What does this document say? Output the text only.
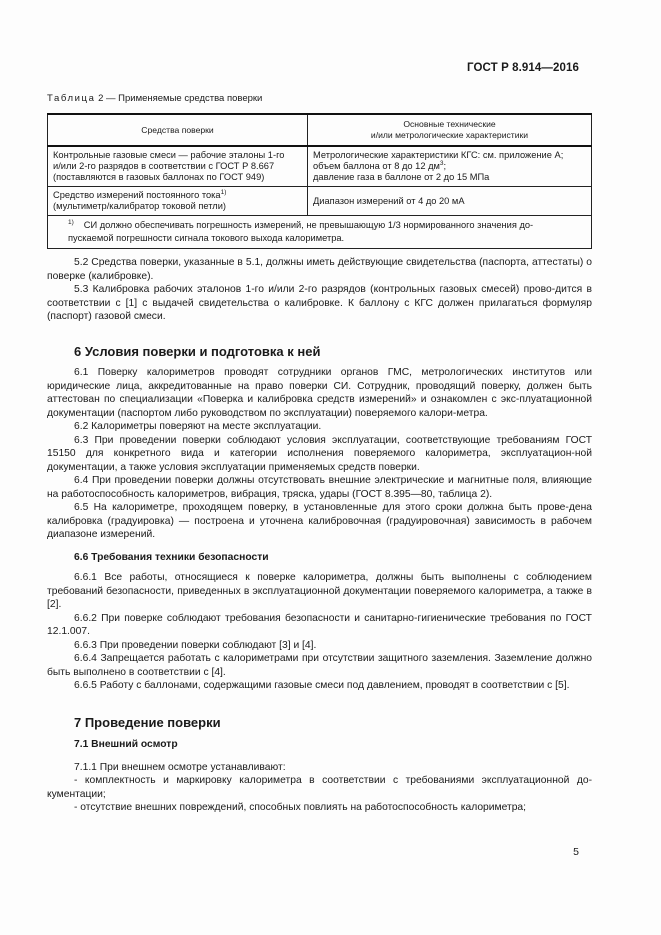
ГОСТ Р 8.914—2016
Таблица 2 — Применяемые средства поверки
Средства поверки	Основные технические
и/или метрологические характеристики
Контрольные газовые смеси — рабочие эталоны 1-го
и/или 2-го разрядов в соответствии с ГОСТ Р 8.667
(поставляются в газовых баллонах по ГОСТ 949)	Метрологические характеристики КГС: см. приложение А;
объем баллона от 8 до 12 $дм^3$;
давление газа в баллоне от 2 до 15 МПа
Средство измерений постоянного тока$^{1)}$
(мультиметр/калибратор токовой петли)	Диапазон измерений от 4 до 20 мА
$^{1)}$ СИ должно обеспечивать погрешность измерений, не превышающую 1/3 нормированного значения до-
пускаемой погрешности сигнала токового выхода калориметра.	

5.2 Средства поверки, указанные в 5.1, должны иметь действующие свидетельства (паспорта, аттестаты) о поверке (калибровке).

5.3 Калибровка рабочих эталонов 1-го и/или 2-го разрядов (контрольных газовых смесей) прово-дится в соответствии с [1] с выдачей свидетельства о калибровке. К баллону с КГС должен прилагаться формуляр (паспорт) газовой смеси.

6 Условия поверки и подготовка к ней

6.1 Поверку калориметров проводят сотрудники органов ГМС, метрологических институтов или юридические лица, аккредитованные на право поверки СИ. Сотрудник, проводящий поверку, должен быть аттестован по специализации «Поверка и калибровка средств измерений» и ознакомлен с экс-плуатационной документации (паспортом либо руководством по эксплуатации) поверяемого калори-метра.

6.2 Калориметры поверяют на месте эксплуатации.

6.3 При проведении поверки соблюдают условия эксплуатации, соответствующие требованиям ГОСТ 15150 для конкретного вида и категории исполнения поверяемого калориметра, эксплуатацион-ной документации, а также условия эксплуатации применяемых средств поверки.

6.4 При проведении поверки должны отсутствовать внешние электрические и магнитные поля, влияющие на работоспособность калориметров, вибрация, тряска, удары (ГОСТ 8.395—80, таблица 2).

6.5 На калориметре, проходящем поверку, в установленные для этого сроки должна быть прове-дена калибровка (градуировка) — построена и уточнена калибровочная (градуировочная) зависимость в рабочем диапазоне измерений.

6.6 Требования техники безопасности

6.6.1 Все работы, относящиеся к поверке калориметра, должны быть выполнены с соблюдением требований безопасности, приведенных в эксплуатационной документации поверяемого калориметра, а также в [2].

6.6.2 При поверке соблюдают требования безопасности и санитарно-гигиенические требования по ГОСТ 12.1.007.

6.6.3 При проведении поверки соблюдают [3] и [4].

6.6.4 Запрещается работать с калориметрами при отсутствии защитного заземления. Заземление должно быть выполнено в соответствии с [4].

6.6.5 Работу с баллонами, содержащими газовые смеси под давлением, проводят в соответствии с [5].

7 Проведение поверки

7.1 Внешний осмотр

7.1.1 При внешнем осмотре устанавливают:

- комплектность и маркировку калориметра в соответствии с требованиями эксплуатационной до-кументации;

- отсутствие внешних повреждений, способных повлиять на работоспособность калориметра;

5
